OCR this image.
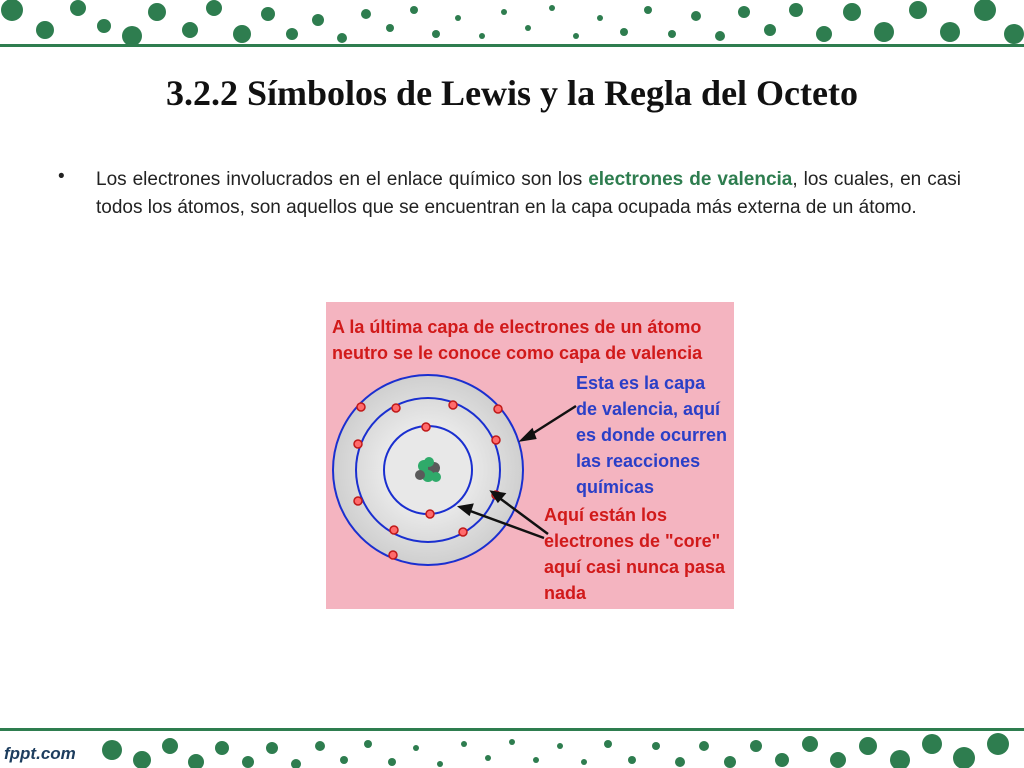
3.2.2 Símbolos de Lewis y la Regla del Octeto
• Los electrones involucrados en el enlace químico son los electrones de valencia, los cuales, en casi todos los átomos, son aquellos que se encuentran en la capa ocupada más externa de un átomo.
A la última capa de electrones de un átomo
neutro se le conoce como capa de valencia
Esta es la capa
de valencia, aquí
es donde ocurren
las reacciones
químicas
Aquí están los
electrones de "core"
aquí casi nunca pasa
nada
fppt.com
